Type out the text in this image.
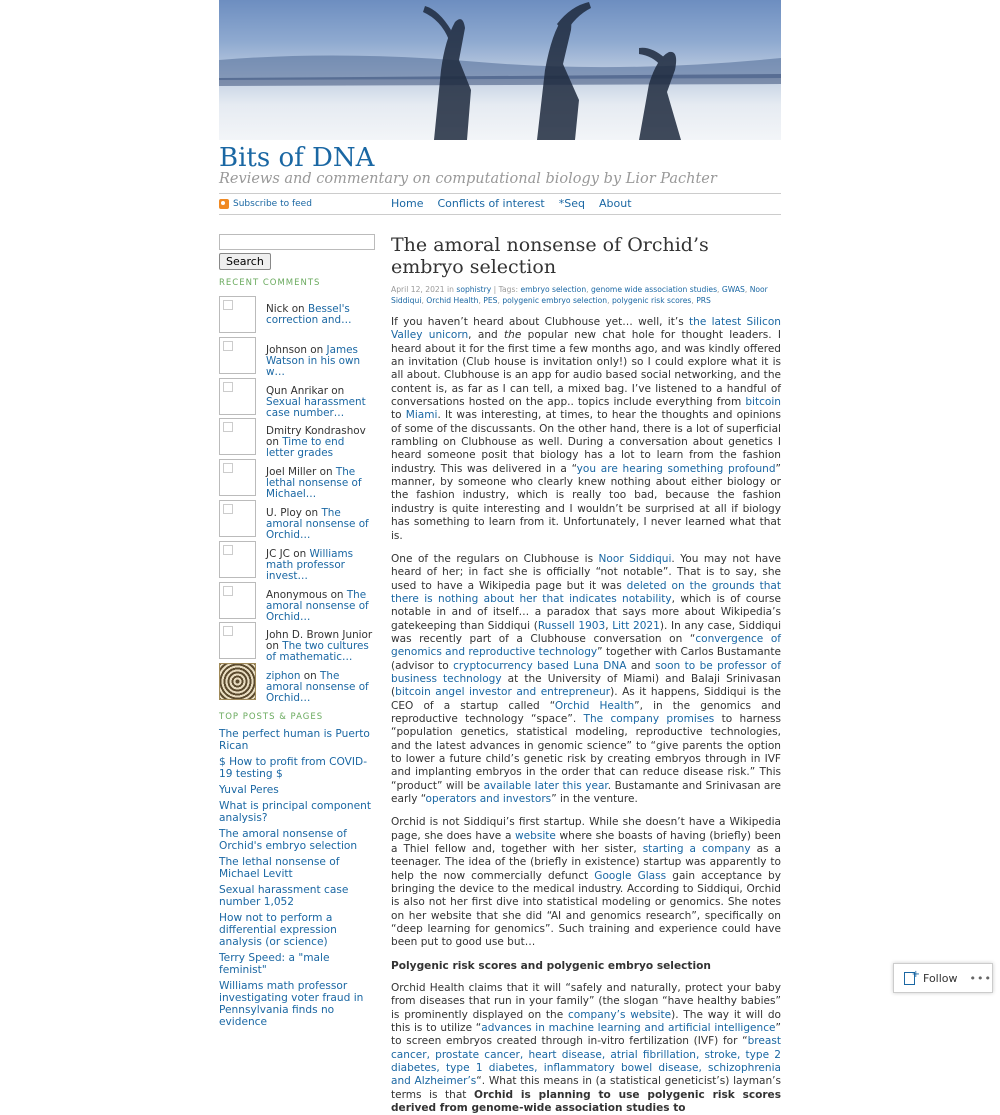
Bits of DNA
Reviews and commentary on computational biology by Lior Pachter
Subscribe to feed	Home Conflicts of interest *Seq About
Search
RECENT COMMENTS
Nick on Bessel's correction and…
Johnson on James Watson in his own w…
Qun Anrikar on Sexual harassment case number…
Dmitry Kondrashov on Time to end letter grades
Joel Miller on The lethal nonsense of Michael…
U. Ploy on The amoral nonsense of Orchid…
JC JC on Williams math professor invest…
Anonymous on The amoral nonsense of Orchid…
John D. Brown Junior on The two cultures of mathematic…
ziphon on The amoral nonsense of Orchid…
TOP POSTS & PAGES
The perfect human is Puerto Rican
$ How to profit from COVID-19 testing $
Yuval Peres
What is principal component analysis?
The amoral nonsense of Orchid's embryo selection
The lethal nonsense of Michael Levitt
Sexual harassment case number 1,052
How not to perform a differential expression analysis (or science)
Terry Speed: a "male feminist"
Williams math professor investigating voter fraud in Pennsylvania finds no evidence
The amoral nonsense of Orchid’s embryo selection
April 12, 2021 in sophistry | Tags: embryo selection, genome wide association studies, GWAS, Noor Siddiqui, Orchid Health, PES, polygenic embryo selection, polygenic risk scores, PRS
If you haven’t heard about Clubhouse yet… well, it’s the latest Silicon Valley unicorn, and the popular new chat hole for thought leaders. I heard about it for the first time a few months ago, and was kindly offered an invitation (Club house is invitation only!) so I could explore what it is all about. Clubhouse is an app for audio based social networking, and the content is, as far as I can tell, a mixed bag. I’ve listened to a handful of conversations hosted on the app.. topics include everything from bitcoin to Miami. It was interesting, at times, to hear the thoughts and opinions of some of the discussants. On the other hand, there is a lot of superficial rambling on Clubhouse as well. During a conversation about genetics I heard someone posit that biology has a lot to learn from the fashion industry. This was delivered in a “you are hearing something profound” manner, by someone who clearly knew nothing about either biology or the fashion industry, which is really too bad, because the fashion industry is quite interesting and I wouldn’t be surprised at all if biology has something to learn from it. Unfortunately, I never learned what that is.
One of the regulars on Clubhouse is Noor Siddiqui. You may not have heard of her; in fact she is officially “not notable”. That is to say, she used to have a Wikipedia page but it was deleted on the grounds that there is nothing about her that indicates notability, which is of course notable in and of itself… a paradox that says more about Wikipedia’s gatekeeping than Siddiqui (Russell 1903, Litt 2021). In any case, Siddiqui was recently part of a Clubhouse conversation on “convergence of genomics and reproductive technology” together with Carlos Bustamante (advisor to cryptocurrency based Luna DNA and soon to be professor of business technology at the University of Miami) and Balaji Srinivasan (bitcoin angel investor and entrepreneur). As it happens, Siddiqui is the CEO of a startup called “Orchid Health”, in the genomics and reproductive technology “space”. The company promises to harness “population genetics, statistical modeling, reproductive technologies, and the latest advances in genomic science” to “give parents the option to lower a future child’s genetic risk by creating embryos through in IVF and implanting embryos in the order that can reduce disease risk.” This “product” will be available later this year. Bustamante and Srinivasan are early “operators and investors” in the venture.
Orchid is not Siddiqui’s first startup. While she doesn’t have a Wikipedia page, she does have a website where she boasts of having (briefly) been a Thiel fellow and, together with her sister, starting a company as a teenager. The idea of the (briefly in existence) startup was apparently to help the now commercially defunct Google Glass gain acceptance by bringing the device to the medical industry. According to Siddiqui, Orchid is also not her first dive into statistical modeling or genomics. She notes on her website that she did “AI and genomics research”, specifically on “deep learning for genomics”. Such training and experience could have been put to good use but…
Polygenic risk scores and polygenic embryo selection
Orchid Health claims that it will “safely and naturally, protect your baby from diseases that run in your family” (the slogan “have healthy babies” is prominently displayed on the company’s website). The way it will do this is to utilize “advances in machine learning and artificial intelligence” to screen embryos created through in-vitro fertilization (IVF) for “breast cancer, prostate cancer, heart disease, atrial fibrillation, stroke, type 2 diabetes, type 1 diabetes, inflammatory bowel disease, schizophrenia and Alzheimer’s“. What this means in (a statistical geneticist’s) layman’s terms is that Orchid is planning to use polygenic risk scores derived from genome-wide association studies to
+
Follow •••
